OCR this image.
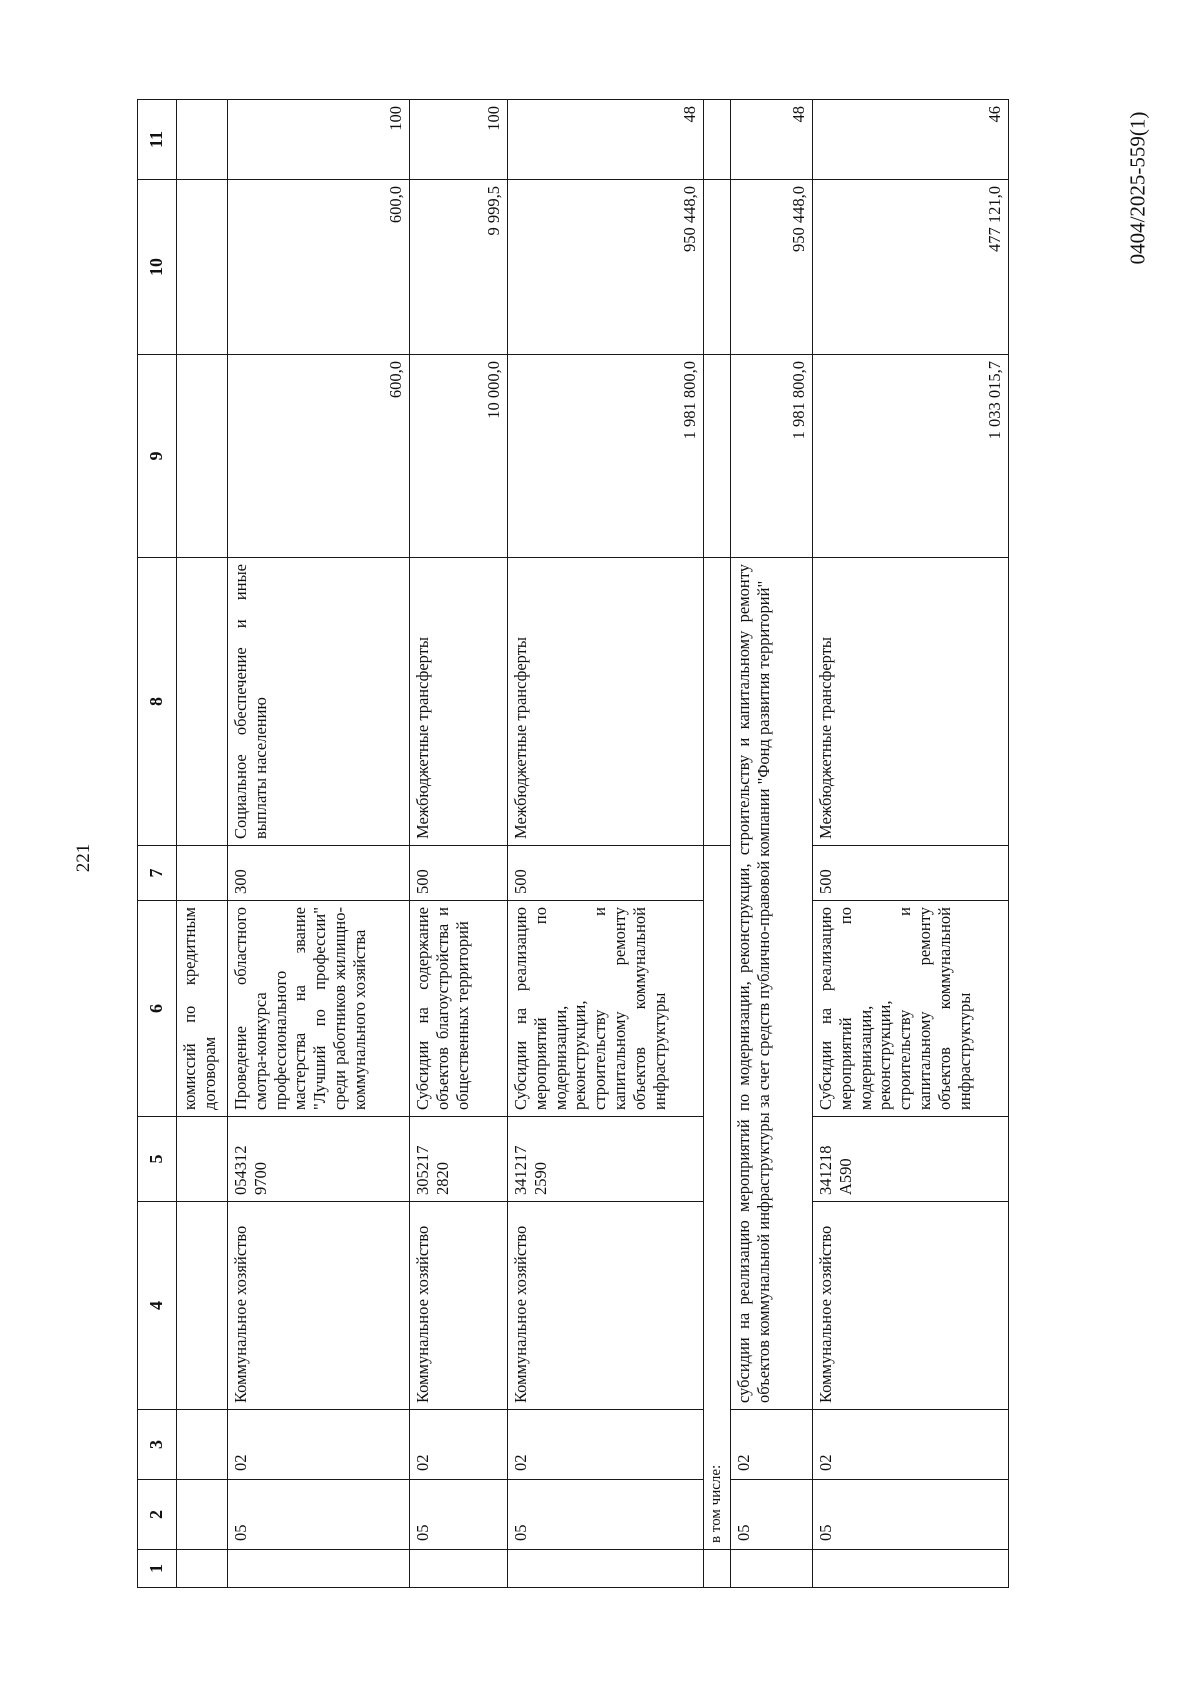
221
0404/2025-559(1)
1	2	3	4	5	6	7	8	9	10	11
					комиссий по кредитным договорам					
	05	02	Коммунальное хозяйство	054312 9700	Проведение областного смотра-конкурса профессионального мастерства на звание "Лучший по профессии" среди работников жилищно-коммунального хозяйства	300	Социальное обеспечение и иные выплаты населению	600,0	600,0	100
	05	02	Коммунальное хозяйство	305217 2820	Субсидии на содержание объектов благоустройства и общественных территорий	500	Межбюджетные трансферты	10 000,0	9 999,5	100
	05	02	Коммунальное хозяйство	341217 2590	Субсидии на реализацию мероприятий по модернизации, реконструкции, строительству и капитальному ремонту объектов коммунальной инфраструктуры	500	Межбюджетные трансферты	1 981 800,0	950 448,0	48
	в том числе:									
	05	02	субсидии на реализацию мероприятий по модернизации, реконструкции, строительству и капитальному ремонту объектов коммунальной инфраструктуры за счет средств публично-правовой компании "Фонд развития территорий"					1 981 800,0	950 448,0	48
	05	02	Коммунальное хозяйство	341218 A590	Субсидии на реализацию мероприятий по модернизации, реконструкции, строительству и капитальному ремонту объектов коммунальной инфраструктуры	500	Межбюджетные трансферты	1 033 015,7	477 121,0	46
